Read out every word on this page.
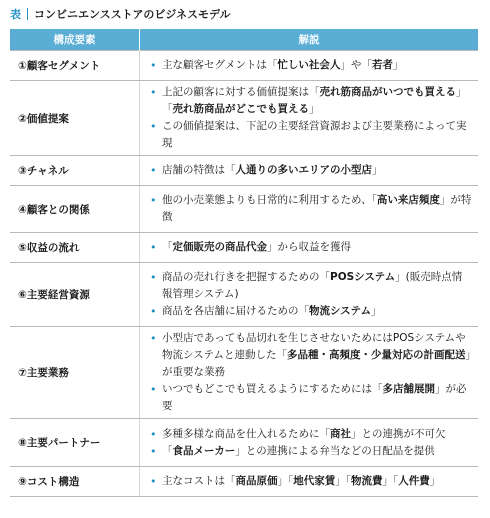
表 コンビニエンスストアのビジネスモデル
構成要素	解説
①顧客セグメント	• 主な顧客セグメントは「忙しい社会人」や「若者」

②価値提案	• 上記の顧客に対する価値提案は「売れ筋商品がいつでも買える」「売れ筋商品がどこでも買える」
• この価値提案は、下記の主要経営資源および主要業務によって実現

③チャネル	• 店舗の特徴は「人通りの多いエリアの小型店」

④顧客との関係	• 他の小売業態よりも日常的に利用するため、「高い来店頻度」が特徴

⑤収益の流れ	• 「定価販売の商品代金」から収益を獲得

⑥主要経営資源	• 商品の売れ行きを把握するための「POSシステム」(販売時点情報管理システム)
• 商品を各店舗に届けるための「物流システム」

⑦主要業務	• 小型店であっても品切れを生じさせないためにはPOSシステムや物流システムと連動した「多品種・高頻度・少量対応の計画配送」が重要な業務
• いつでもどこでも買えるようにするためには「多店舗展開」が必要

⑧主要パートナー	• 多種多様な商品を仕入れるために「商社」との連携が不可欠
• 「食品メーカー」との連携による弁当などの日配品を提供

⑨コスト構造	• 主なコストは「商品原価」「地代家賃」「物流費」「人件費」
